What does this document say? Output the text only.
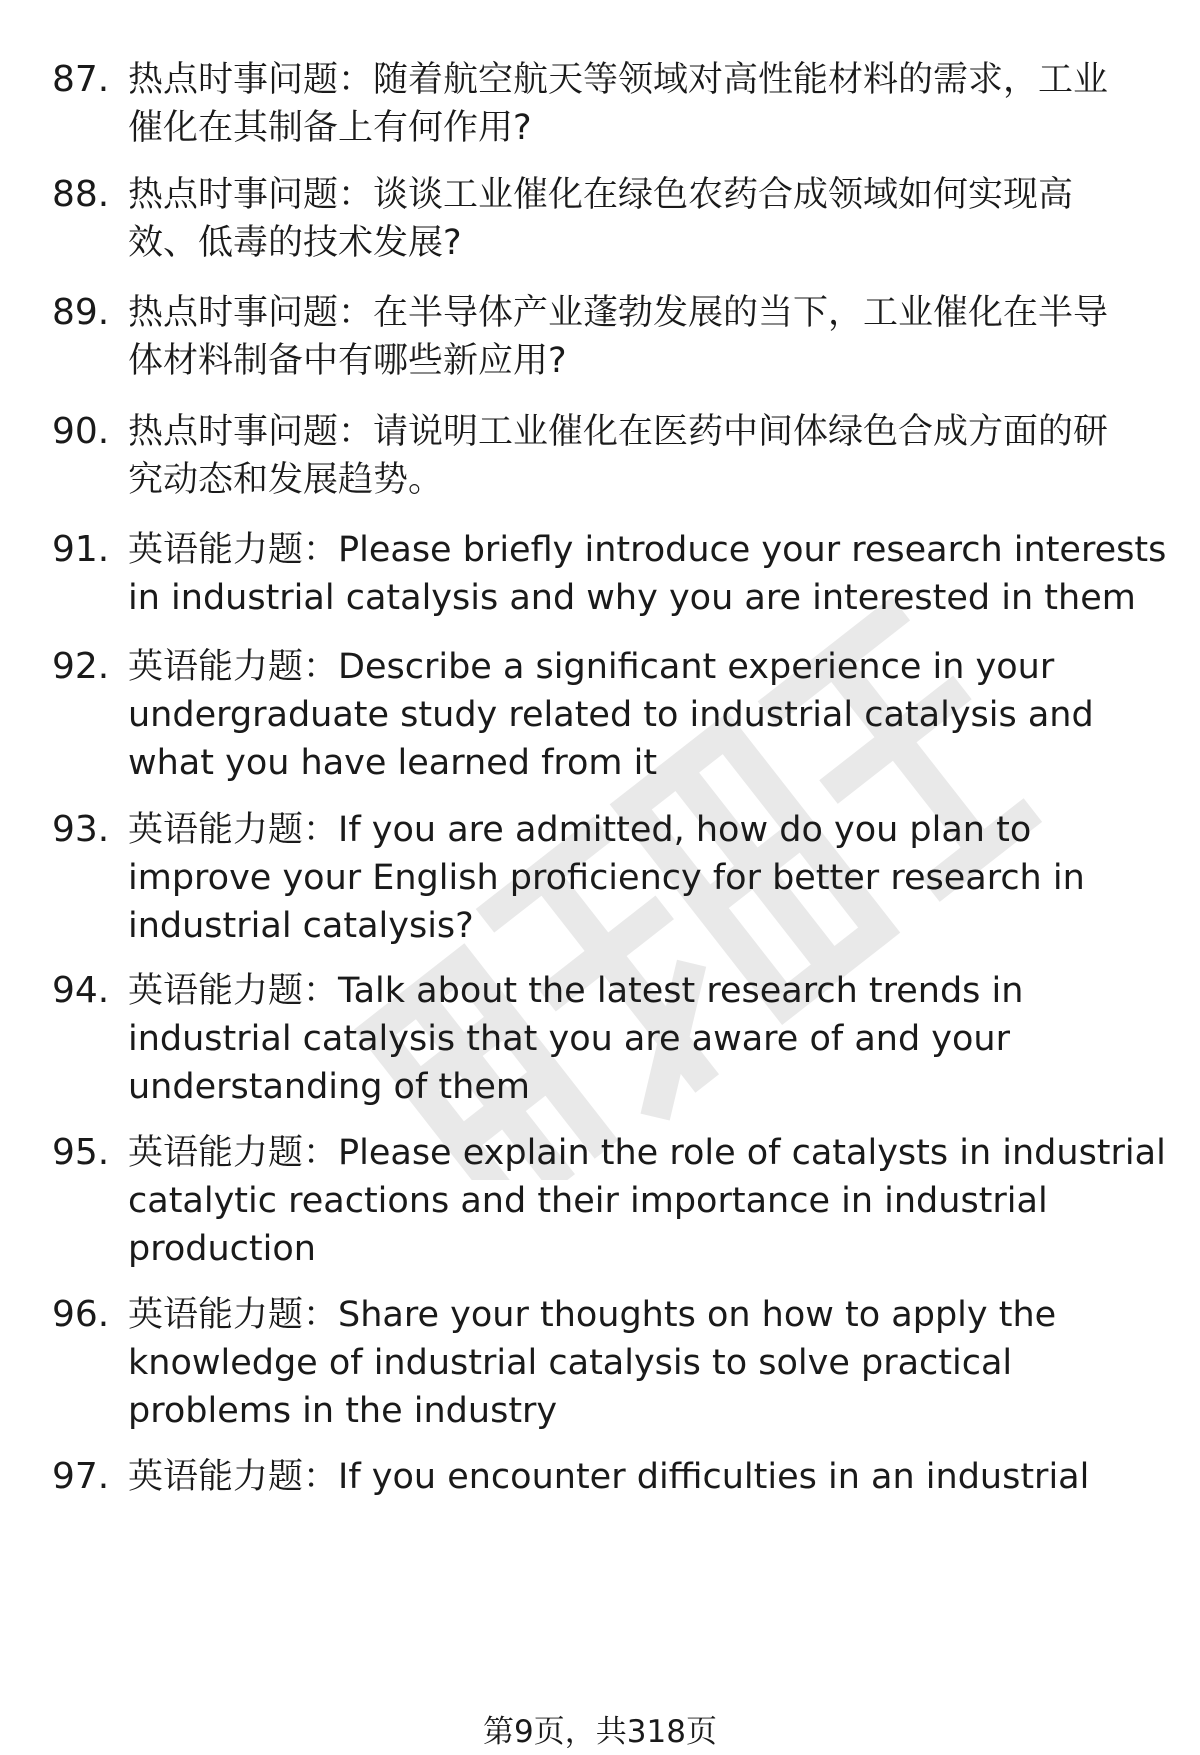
87. 热点时事问题：随着航空航天等领域对高性能材料的需求，工业
催化在其制备上有何作用?
88. 热点时事问题：谈谈工业催化在绿色农药合成领域如何实现高
效、低毒的技术发展?
89. 热点时事问题：在半导体产业蓬勃发展的当下，工业催化在半导
体材料制备中有哪些新应用?
90. 热点时事问题：请说明工业催化在医药中间体绿色合成方面的研
究动态和发展趋势。
91. 英语能力题：Please briefly introduce your research interests
in industrial catalysis and why you are interested in them
92. 英语能力题：Describe a significant experience in your
undergraduate study related to industrial catalysis and
what you have learned from it
93. 英语能力题：If you are admitted, how do you plan to
improve your English proficiency for better research in
industrial catalysis?
94. 英语能力题：Talk about the latest research trends in
industrial catalysis that you are aware of and your
understanding of them
95. 英语能力题：Please explain the role of catalysts in industrial
catalytic reactions and their importance in industrial
production
96. 英语能力题：Share your thoughts on how to apply the
knowledge of industrial catalysis to solve practical
problems in the industry
97. 英语能力题：If you encounter difficulties in an industrial
第9页，共318页
